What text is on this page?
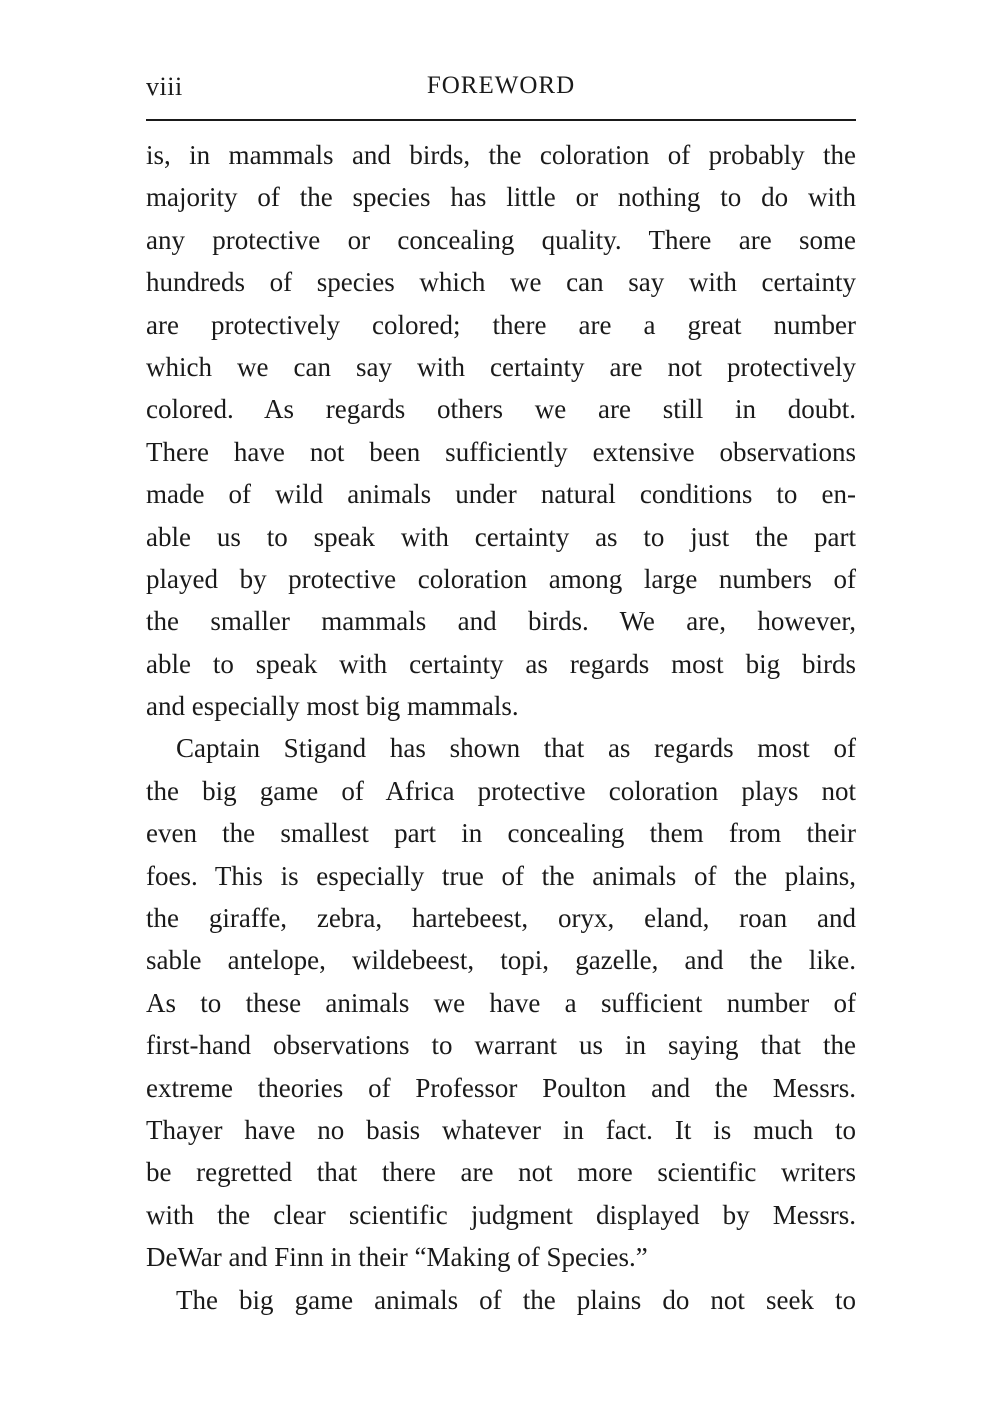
viii	FOREWORD

is, in mammals and birds, the coloration of probably the
majority of the species has little or nothing to do with
any protective or concealing quality. There are some
hundreds of species which we can say with certainty
are protectively colored; there are a great number
which we can say with certainty are not protectively
colored. As regards others we are still in doubt.
There have not been sufficiently extensive observations
made of wild animals under natural conditions to en-
able us to speak with certainty as to just the part
played by protective coloration among large numbers of
the smaller mammals and birds. We are, however,
able to speak with certainty as regards most big birds
and especially most big mammals.

Captain Stigand has shown that as regards most of
the big game of Africa protective coloration plays not
even the smallest part in concealing them from their
foes. This is especially true of the animals of the plains,
the giraffe, zebra, hartebeest, oryx, eland, roan and
sable antelope, wildebeest, topi, gazelle, and the like.
As to these animals we have a sufficient number of
first-hand observations to warrant us in saying that the
extreme theories of Professor Poulton and the Messrs.
Thayer have no basis whatever in fact. It is much to
be regretted that there are not more scientific writers
with the clear scientific judgment displayed by Messrs.
DeWar and Finn in their “Making of Species.”

The big game animals of the plains do not seek to
